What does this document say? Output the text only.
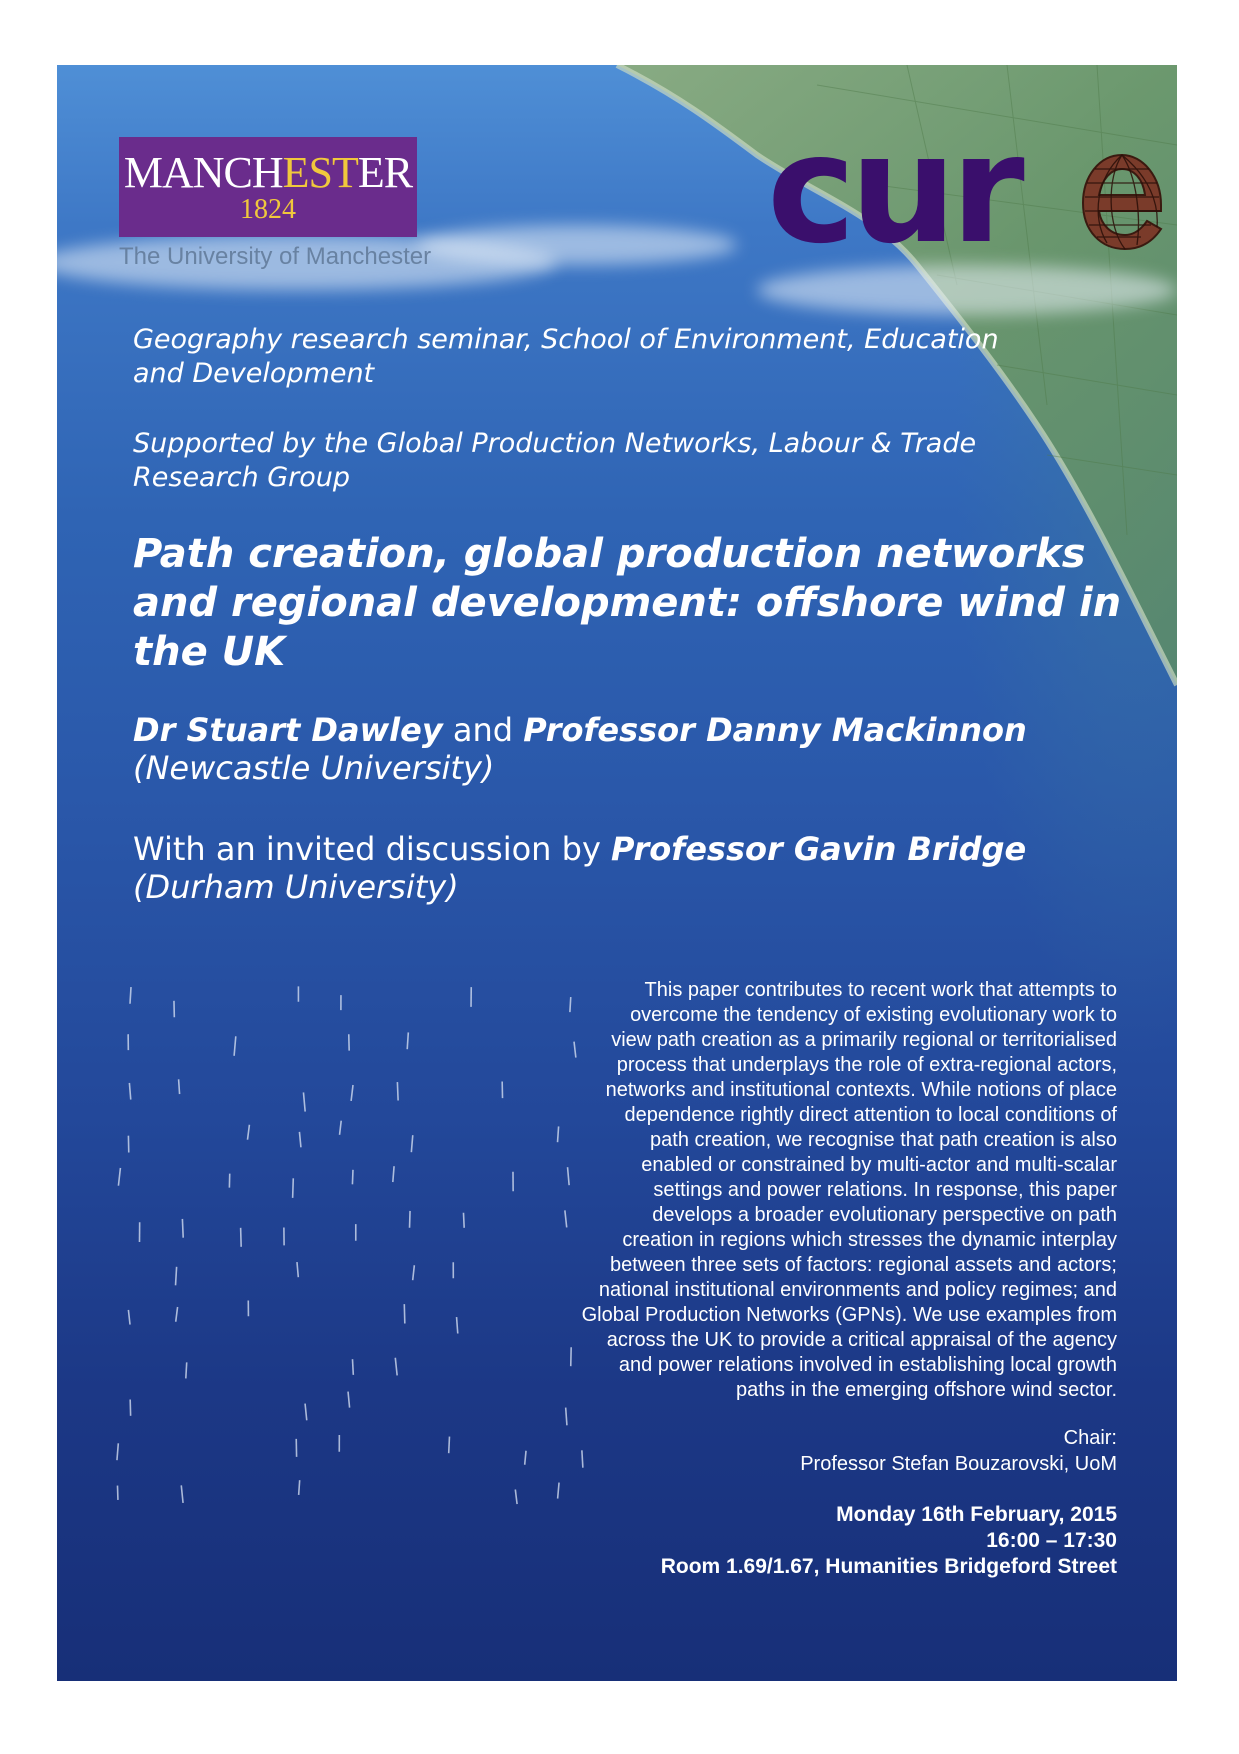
MANCHESTER
1824
The University of Manchester cur
Geography research seminar, School of Environment, Education and Development
Supported by the Global Production Networks, Labour & Trade Research Group
Path creation, global production networks and regional development: offshore wind in the UK
Dr Stuart Dawley and Professor Danny Mackinnon
(Newcastle University)
With an invited discussion by Professor Gavin Bridge (Durham University)
This paper contributes to recent work that attempts to
overcome the tendency of existing evolutionary work to
view path creation as a primarily regional or territorialised
process that underplays the role of extra-regional actors,
networks and institutional contexts. While notions of place
dependence rightly direct attention to local conditions of
path creation, we recognise that path creation is also
enabled or constrained by multi-actor and multi-scalar
settings and power relations. In response, this paper
develops a broader evolutionary perspective on path
creation in regions which stresses the dynamic interplay
between three sets of factors: regional assets and actors;
national institutional environments and policy regimes; and
Global Production Networks (GPNs). We use examples from
across the UK to provide a critical appraisal of the agency
and power relations involved in establishing local growth
paths in the emerging offshore wind sector.
Chair:
Professor Stefan Bouzarovski, UoM
Monday 16th February, 2015
16:00 – 17:30
Room 1.69/1.67, Humanities Bridgeford Street
